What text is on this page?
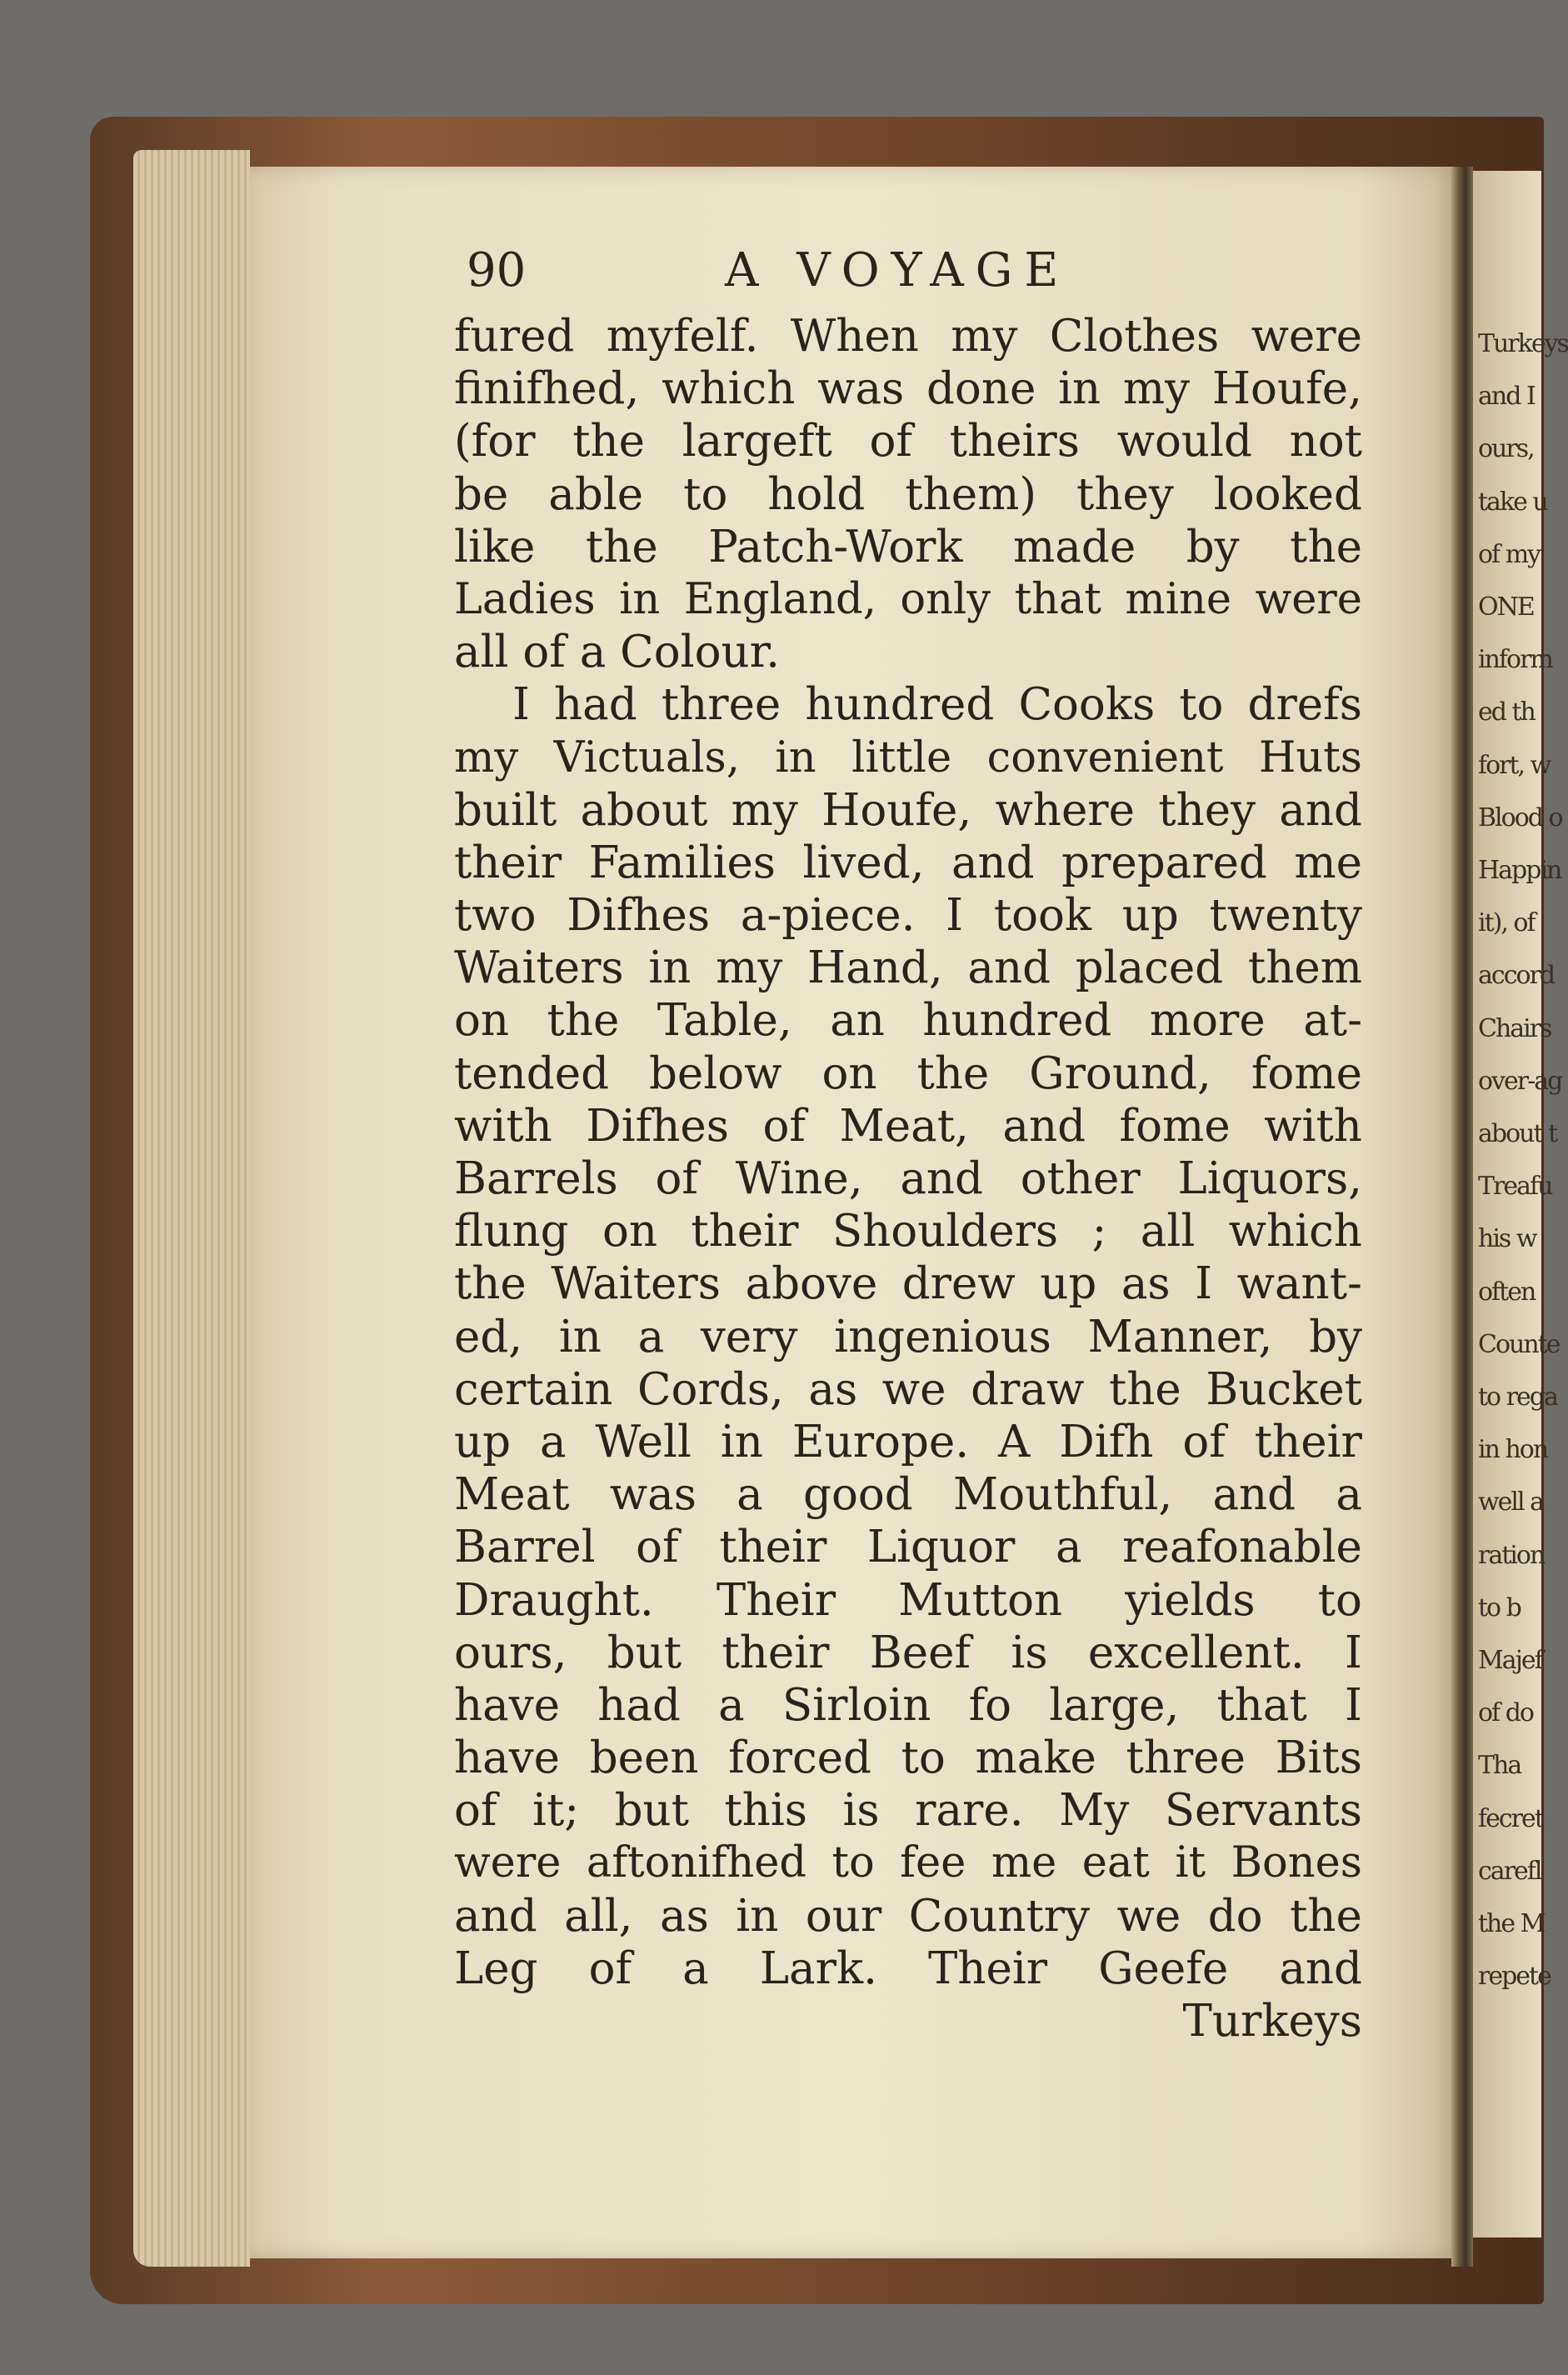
Turkeys
and I
ours,
take u
of my
ONE
inform
ed th
fort, w
Blood o
Happin
it), of
accord
Chairs
over-ag
about t
Treafu
his w
often
Counte
to rega
in hon
well a
ration
to b
Majef
of do
Tha
fecret
carefl
the M
repete
90	A VOYAGE
fured myfelf. When my Clothes were
finifhed, which was done in my Houfe,
(for the largeft of theirs would not
be able to hold them) they looked
like the Patch-Work made by the
Ladies in England, only that mine were
all of a Colour.
I had three hundred Cooks to drefs
my Victuals, in little convenient Huts
built about my Houfe, where they and
their Families lived, and prepared me
two Difhes a-piece. I took up twenty
Waiters in my Hand, and placed them
on the Table, an hundred more at-
tended below on the Ground, fome
with Difhes of Meat, and fome with
Barrels of Wine, and other Liquors,
flung on their Shoulders ; all which
the Waiters above drew up as I want-
ed, in a very ingenious Manner, by
certain Cords, as we draw the Bucket
up a Well in Europe. A Difh of their
Meat was a good Mouthful, and a
Barrel of their Liquor a reafonable
Draught. Their Mutton yields to
ours, but their Beef is excellent. I
have had a Sirloin fo large, that I
have been forced to make three Bits
of it; but this is rare. My Servants
were aftonifhed to fee me eat it Bones
and all, as in our Country we do the
Leg of a Lark. Their Geefe and
Turkeys
